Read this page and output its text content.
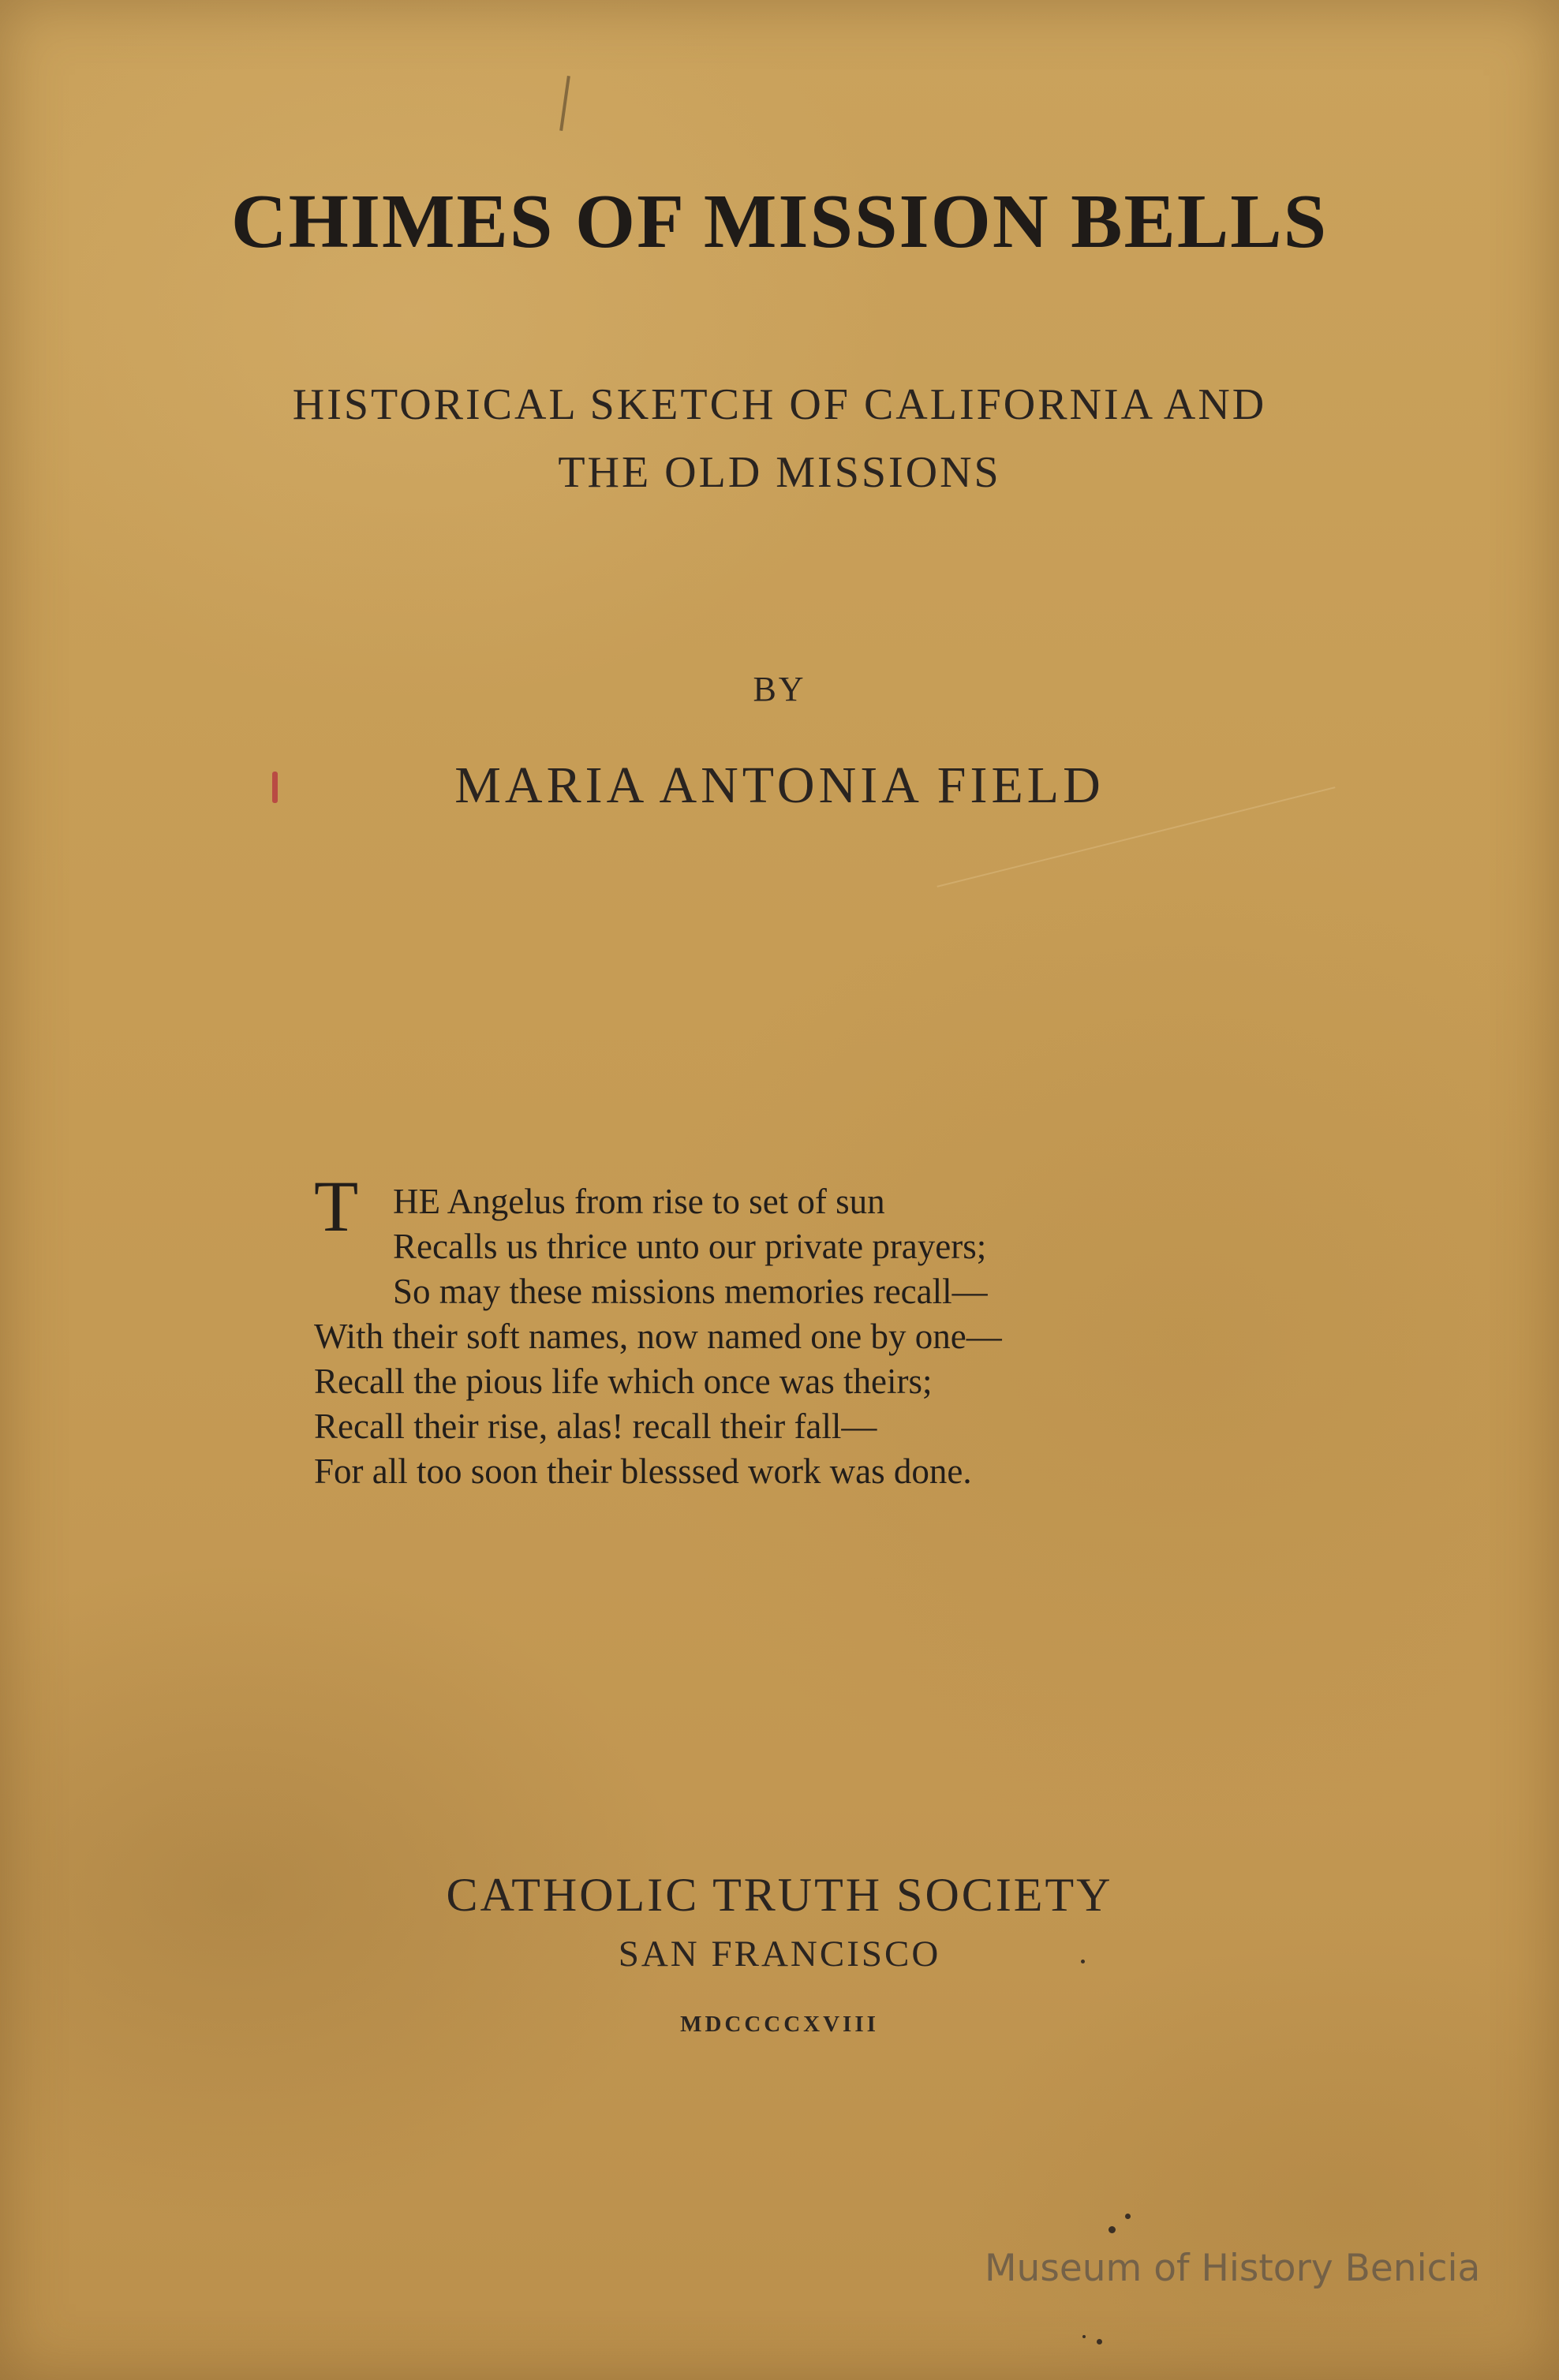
CHIMES OF MISSION BELLS
HISTORICAL SKETCH OF CALIFORNIA AND
THE OLD MISSIONS
BY
MARIA ANTONIA FIELD
T HE Angelus from rise to set of sun
Recalls us thrice unto our private prayers;
So may these missions memories recall—
With their soft names, now named one by one—
Recall the pious life which once was theirs;
Recall their rise, alas! recall their fall—
For all too soon their blesssed work was done.
CATHOLIC TRUTH SOCIETY
SAN FRANCISCO
MDCCCCXVIII
Museum of History Benicia
